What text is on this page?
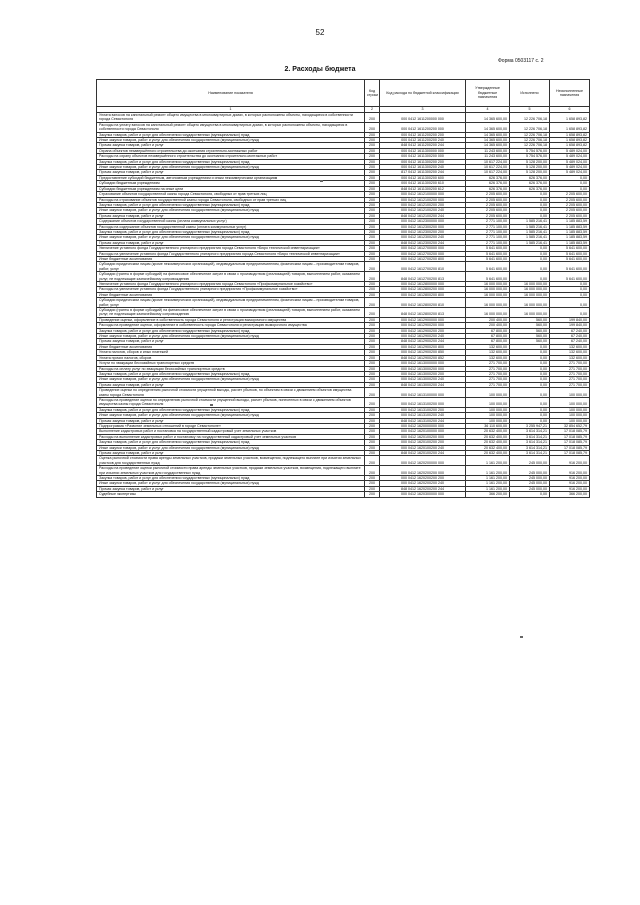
52
Форма 0503117 с. 2
2. Расходы бюджета
Наименование показателя	Код строки	Код расхода по бюджетной классификации	Утвержденные бюджетные назначения	Исполнено	Неисполненные назначения
1	2	3	4	5	6
Уплата взносов на капитальный ремонт общего имущества в многоквартирных домах, в которых расположены объекты, находящиеся в собственности города Севастополя	200	000 0412 1611200000 000	14 365 600,00	12 226 706,18	1 658 893,82
Расходы на уплату взносов на капитальный ремонт общего имущества в многоквартирных домах, в которых расположены объекты, находящиеся в собственности города Севастополя	200	000 0412 1611200200 000	14 365 600,00	12 226 706,18	1 658 893,82
Закупка товаров, работ и услуг для обеспечения государственных (муниципальных) нужд	200	000 0412 1611200200 200	14 365 600,00	12 226 706,18	1 658 893,82
Иные закупки товаров, работ и услуг для обеспечения государственных (муниципальных) нужд	200	000 0412 1611200200 240	14 365 600,00	12 226 706,18	1 658 893,82
Прочая закупка товаров, работ и услуг	200	848 0412 1611200200 244	14 365 600,00	12 226 706,18	1 658 893,82
Охрана объектов незавершённого строительства до окончания строительно-монтажных работ	200	000 0412 1611300000 000	11 243 600,00	5 754 576,00	5 489 024,00
Расходы на охрану объектов незавершённого строительства до окончания строительно-монтажных работ	200	000 0412 1611300200 000	11 243 600,00	5 754 576,00	5 489 024,00
Закупка товаров, работ и услуг для обеспечения государственных (муниципальных) нужд	200	000 0412 1611300200 200	10 617 224,00	5 128 200,00	5 489 024,00
Иные закупки товаров, работ и услуг для обеспечения государственных (муниципальных) нужд	200	000 0412 1611300200 240	10 617 224,00	5 128 200,00	5 489 024,00
Прочая закупка товаров, работ и услуг	200	817 0412 1611300200 244	10 617 224,00	5 128 200,00	5 489 024,00
Предоставление субсидий бюджетным, автономным учреждениям и иным некоммерческим организациям	200	000 0412 1611300200 600	626 376,00	626 376,00	0,00
Субсидии бюджетным учреждениям	200	000 0412 1611300200 610	626 376,00	626 376,00	0,00
Субсидии бюджетным учреждениям на иные цели	200	848 0412 1611300200 612	626 376,00	626 376,00	0,00
Страхование объектов государственной казны города Севастополя, свободных от прав третьих лиц	200	000 0412 1612100000 000	2 205 600,00	0,00	2 205 600,00
Расходы на страхование объектов государственной казны города Севастополя, свободных от прав третьих лиц	200	000 0412 1612100200 000	2 205 600,00	0,00	2 205 600,00
Закупка товаров, работ и услуг для обеспечения государственных (муниципальных) нужд	200	000 0412 1612100200 200	2 205 600,00	0,00	2 205 600,00
Иные закупки товаров, работ и услуг для обеспечения государственных (муниципальных) нужд	200	000 0412 1612100200 240	2 205 600,00	0,00	2 205 600,00
Прочая закупка товаров, работ и услуг	200	848 0412 1612100200 244	2 205 600,00	0,00	2 205 600,00
Содержание объектов государственной казны (оплата коммунальных услуг)	200	000 0412 1612300000 000	2 771 100,00	1 585 216,41	1 185 883,59
Расходы на содержание объектов государственной казны (оплата коммунальных услуг)	200	000 0412 1612300200 000	2 771 100,00	1 585 216,41	1 185 883,59
Закупка товаров, работ и услуг для обеспечения государственных (муниципальных) нужд	200	000 0412 1612300200 200	2 771 100,00	1 585 216,41	1 185 883,59
Иные закупки товаров, работ и услуг для обеспечения государственных (муниципальных) нужд	200	000 0412 1612300200 240	2 771 100,00	1 585 216,41	1 185 883,59
Прочая закупка товаров, работ и услуг	200	848 0412 1612300200 244	2 771 100,00	1 585 216,41	1 185 883,59
Увеличение уставного фонда Государственного унитарного предприятия города Севастополя «Бюро технической инвентаризации»	200	000 0412 1612700000 000	5 641 600,00	0,00	5 641 600,00
Расходы на увеличение уставного фонда Государственного унитарного предприятия города Севастополя «Бюро технической инвентаризации»	200	000 0412 1612700200 000	5 641 600,00	0,00	5 641 600,00
Иные бюджетные ассигнования	200	000 0412 1612700200 800	5 641 600,00	0,00	5 641 600,00
Субсидии юридическим лицам (кроме некоммерческих организаций), индивидуальным предпринимателям, физическим лицам – производителям товаров, работ, услуг	200	000 0412 1612700200 810	5 641 600,00	0,00	5 641 600,00
Субсидии (гранты в форме субсидий) на финансовое обеспечение затрат в связи с производством (реализацией) товаров, выполнением работ, оказанием услуг, не подлежащие казначейскому сопровождению	200	848 0412 1612700200 813	5 641 600,00	0,00	5 641 600,00
Увеличение уставного фонда Государственного унитарного предприятия города Севастополя «Профкоммунальное хозяйство»	200	000 0412 1612800000 000	16 000 000,00	16 000 000,00	0,00
Расходы на увеличение уставного фонда Государственного унитарного предприятия «Профкоммунальное хозяйство»	200	000 0412 1612800200 000	16 000 000,00	16 000 000,00	0,00
Иные бюджетные ассигнования	200	000 0412 1612800200 800	16 000 000,00	16 000 000,00	0,00
Субсидии юридическим лицам (кроме некоммерческих организаций), индивидуальным предпринимателям, физическим лицам – производителям товаров, работ, услуг	200	000 0412 1612800200 810	16 000 000,00	16 000 000,00	0,00
Субсидии (гранты в форме субсидий) на финансовое обеспечение затрат в связи с производством (реализацией) товаров, выполнением работ, оказанием услуг, не подлежащие казначейскому сопровождению	200	848 0412 1612800200 813	16 000 000,00	16 000 000,00	0,00
Проведение оценки, оформление в собственность города Севастополя и регистрация выморочного имущества	200	000 0412 1612900000 000	200 400,00	560,00	199 840,00
Расходы на проведение оценки, оформление в собственность города Севастополя и регистрацию выморочного имущества	200	000 0412 1612900200 000	200 400,00	560,00	199 840,00
Закупка товаров, работ и услуг для обеспечения государственных (муниципальных) нужд	200	000 0412 1612900200 200	67 800,00	560,00	67 240,00
Иные закупки товаров, работ и услуг для обеспечения государственных (муниципальных) нужд	200	000 0412 1612900200 240	67 800,00	560,00	67 240,00
Прочая закупка товаров, работ и услуг	200	848 0412 1612900200 244	67 800,00	560,00	67 240,00
Иные бюджетные ассигнования	200	000 0412 1612900200 800	132 600,00	0,00	132 600,00
Уплата налогов, сборов и иных платежей	200	000 0412 1612900200 850	132 600,00	0,00	132 600,00
Уплата прочих налогов, сборов	200	848 0412 1612900200 852	132 600,00	0,00	132 600,00
Услуги по эвакуации бесхозяйных транспортных средств	200	000 0412 1613000000 000	271 700,00	0,00	271 700,00
Расходы на оплату услуг по эвакуации бесхозяйных транспортных средств	200	000 0412 1613000200 000	271 700,00	0,00	271 700,00
Закупка товаров, работ и услуг для обеспечения государственных (муниципальных) нужд	200	000 0412 1613000200 200	271 700,00	0,00	271 700,00
Иные закупки товаров, работ и услуг для обеспечения государственных (муниципальных) нужд	200	000 0412 1613000200 240	271 700,00	0,00	271 700,00
Прочая закупка товаров, работ и услуг	200	848 0412 1613000200 244	271 700,00	0,00	271 700,00
Проведение оценки по определению рыночной стоимости упущенной выгоды, расчет убытков, по объектам в связи с движением объектов имущества казны города Севастополя	200	000 0412 1613100000 000	100 000,00	0,00	100 000,00
Расходы на проведение оценки по определению рыночной стоимости упущенной выгоды, расчет убытков, понесенных в связи с движением объектов имущества казны города Севастополя	200	000 0412 1613100200 000	100 000,00	0,00	100 000,00
Закупка товаров, работ и услуг для обеспечения государственных (муниципальных) нужд	200	000 0412 1613100200 200	100 000,00	0,00	100 000,00
Иные закупки товаров, работ и услуг для обеспечения государственных (муниципальных) нужд	200	000 0412 1613100200 240	100 000,00	0,00	100 000,00
Прочая закупка товаров, работ и услуг	200	848 0412 1613100200 244	100 000,00	0,00	100 000,00
Подпрограмма «Развитие земельных отношений в городе Севастополе»	200	000 0412 1620000000 000	36 110 600,00	3 255 947,21	32 854 652,79
Выполнение кадастровых работ и постановка на государственный кадастровый учет земельных участков	200	000 0412 1620100000 000	20 632 400,00	3 614 314,21	17 018 085,79
Расходы на выполнение кадастровых работ и постановку на государственный кадастровый учет земельных участков	200	000 0412 1620100200 000	20 632 400,00	3 614 314,21	17 018 085,79
Закупка товаров, работ и услуг для обеспечения государственных (муниципальных) нужд	200	000 0412 1620100200 200	20 632 400,00	3 614 314,21	17 018 085,79
Иные закупки товаров, работ и услуг для обеспечения государственных (муниципальных) нужд	200	000 0412 1620100200 240	20 632 400,00	3 614 314,21	17 018 085,79
Прочая закупка товаров, работ и услуг	200	848 0412 1620100200 244	20 632 400,00	3 614 314,21	17 018 085,79
Оценка рыночной стоимости права аренды земельных участков, продажи земельных участков, возмещения, подлежащего выплате при изъятии земельных участков для государственных нужд	200	000 0412 1620200000 000	1 161 200,00	245 000,00	916 200,00
Расходы на проведение оценки рыночной стоимости права аренды земельных участков, продажи земельных участков, возмещения, подлежащего выплате при изъятии земельных участков для государственных нужд	200	000 0412 1620200200 000	1 161 200,00	245 000,00	916 200,00
Закупка товаров, работ и услуг для обеспечения государственных (муниципальных) нужд	200	000 0412 1620200200 200	1 161 200,00	245 000,00	916 200,00
Иные закупки товаров, работ и услуг для обеспечения государственных (муниципальных) нужд	200	000 0412 1620200200 240	1 161 200,00	245 000,00	916 200,00
Прочая закупка товаров, работ и услуг	200	848 0412 1620200200 244	1 161 200,00	245 000,00	916 200,00
Судебные экспертизы	200	000 0412 1620300000 000	366 200,00	0,00	366 200,00
